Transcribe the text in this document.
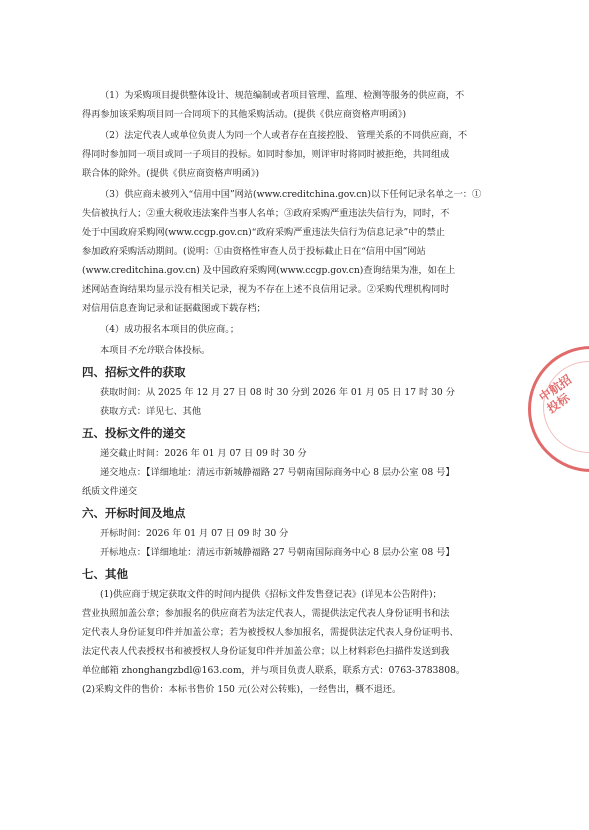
（1）为采购项目提供整体设计、规范编制或者项目管理、监理、检测等服务的供应商，不
得再参加该采购项目同一合同项下的其他采购活动。(提供《供应商资格声明函》)
（2）法定代表人或单位负责人为同一个人或者存在直接控股、 管理关系的不同供应商，不
得同时参加同一项目或同一子项目的投标。如同时参加，则评审时将同时被拒绝，共同组成
联合体的除外。(提供《供应商资格声明函》)
（3）供应商未被列入“信用中国”网站(www.creditchina.gov.cn)以下任何记录名单之一：①
失信被执行人；②重大税收违法案件当事人名单；③政府采购严重违法失信行为，同时，不
处于中国政府采购网(www.ccgp.gov.cn)“政府采购严重违法失信行为信息记录”中的禁止
参加政府采购活动期间。(说明：①由资格性审查人员于投标截止日在“信用中国”网站
(www.creditchina.gov.cn) 及中国政府采购网(www.ccgp.gov.cn)查询结果为准，如在上
述网站查询结果均显示没有相关记录，视为不存在上述不良信用记录。②采购代理机构同时
对信用信息查询记录和证据截图或下载存档；
（4）成功报名本项目的供应商。；
本项目不允许联合体投标。
四、招标文件的获取
获取时间：从 2025 年 12 月 27 日 08 时 30 分到 2026 年 01 月 05 日 17 时 30 分
获取方式：详见七、其他
五、投标文件的递交
递交截止时间：2026 年 01 月 07 日 09 时 30 分
递交地点：【详细地址：清远市新城静福路 27 号朝南国际商务中心 8 层办公室 08 号】
纸质文件递交
六、开标时间及地点
开标时间：2026 年 01 月 07 日 09 时 30 分
开标地点：【详细地址：清远市新城静福路 27 号朝南国际商务中心 8 层办公室 08 号】
七、其他
(1)供应商于规定获取文件的时间内提供《招标文件发售登记表》(详见本公告附件)；
营业执照加盖公章；参加报名的供应商若为法定代表人，需提供法定代表人身份证明书和法
定代表人身份证复印件并加盖公章；若为被授权人参加报名，需提供法定代表人身份证明书、
法定代表人代表授权书和被授权人身份证复印件并加盖公章；以上材料彩色扫描件发送到我
单位邮箱 zhonghangzbdl@163.com，并与项目负责人联系，联系方式：0763-3783808。
(2)采购文件的售价：本标书售价 150 元(公对公转账)，一经售出，概不退还。
中航招投标
